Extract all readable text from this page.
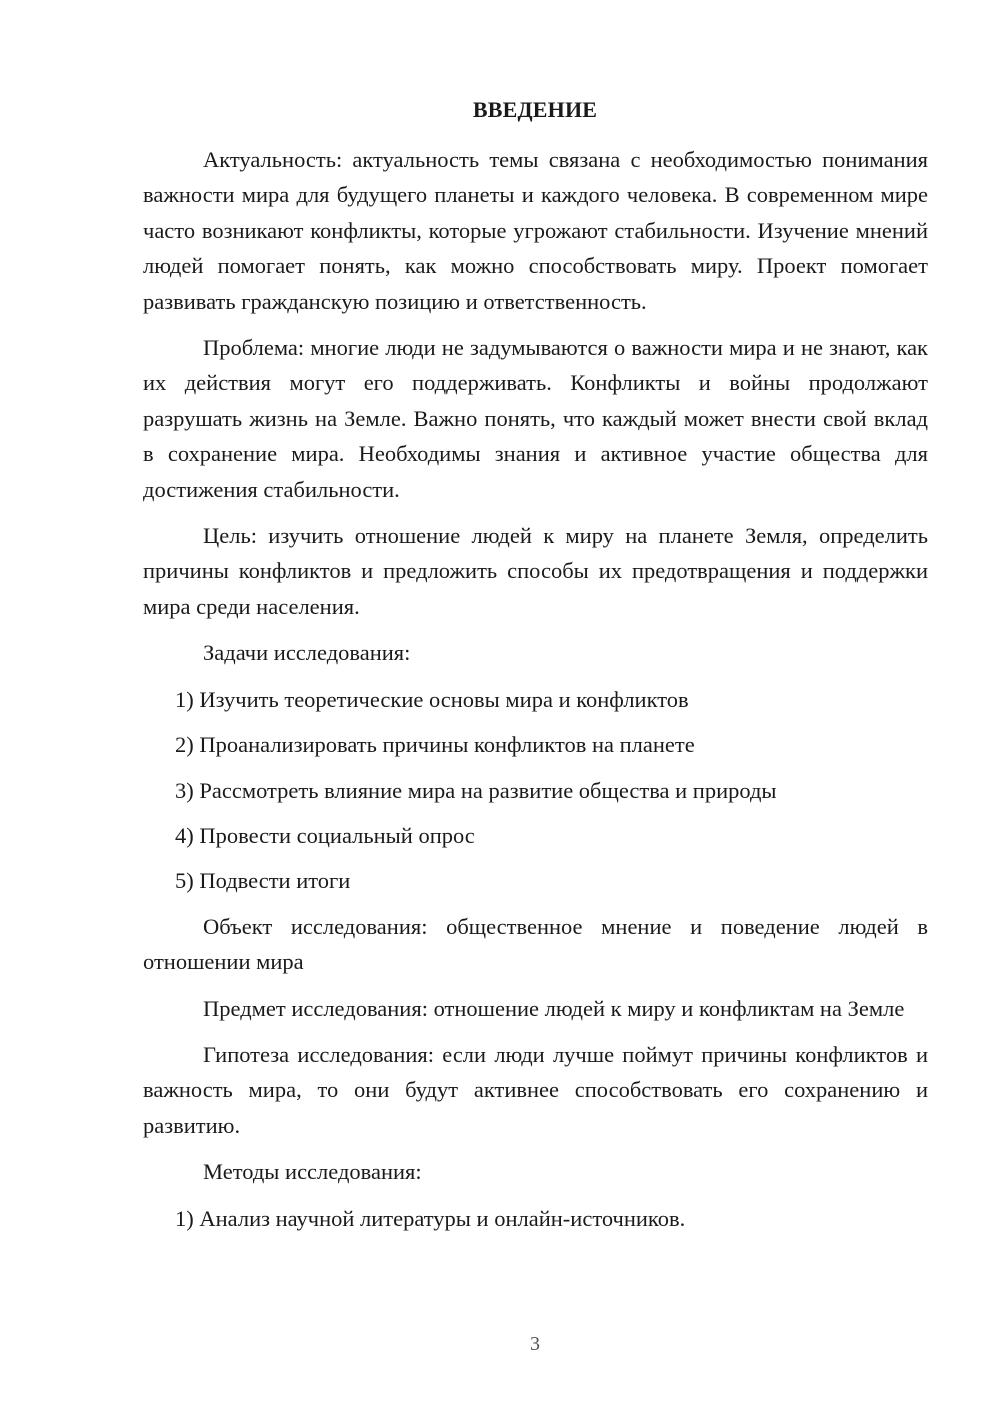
ВВЕДЕНИЕ

Актуальность: актуальность темы связана с необходимостью понимания важности мира для будущего планеты и каждого человека. В современном мире часто возникают конфликты, которые угрожают стабильности. Изучение мнений людей помогает понять, как можно способствовать миру. Проект помогает развивать гражданскую позицию и ответственность.

Проблема: многие люди не задумываются о важности мира и не знают, как их действия могут его поддерживать. Конфликты и войны продолжают разрушать жизнь на Земле. Важно понять, что каждый может внести свой вклад в сохранение мира. Необходимы знания и активное участие общества для достижения стабильности.

Цель: изучить отношение людей к миру на планете Земля, определить причины конфликтов и предложить способы их предотвращения и поддержки мира среди населения.

Задачи исследования:

1) Изучить теоретические основы мира и конфликтов

2) Проанализировать причины конфликтов на планете

3) Рассмотреть влияние мира на развитие общества и природы

4) Провести социальный опрос

5) Подвести итоги

Объект исследования: общественное мнение и поведение людей в отношении мира

Предмет исследования: отношение людей к миру и конфликтам на Земле

Гипотеза исследования: если люди лучше поймут причины конфликтов и важность мира, то они будут активнее способствовать его сохранению и развитию.

Методы исследования:

1) Анализ научной литературы и онлайн-источников.

3
